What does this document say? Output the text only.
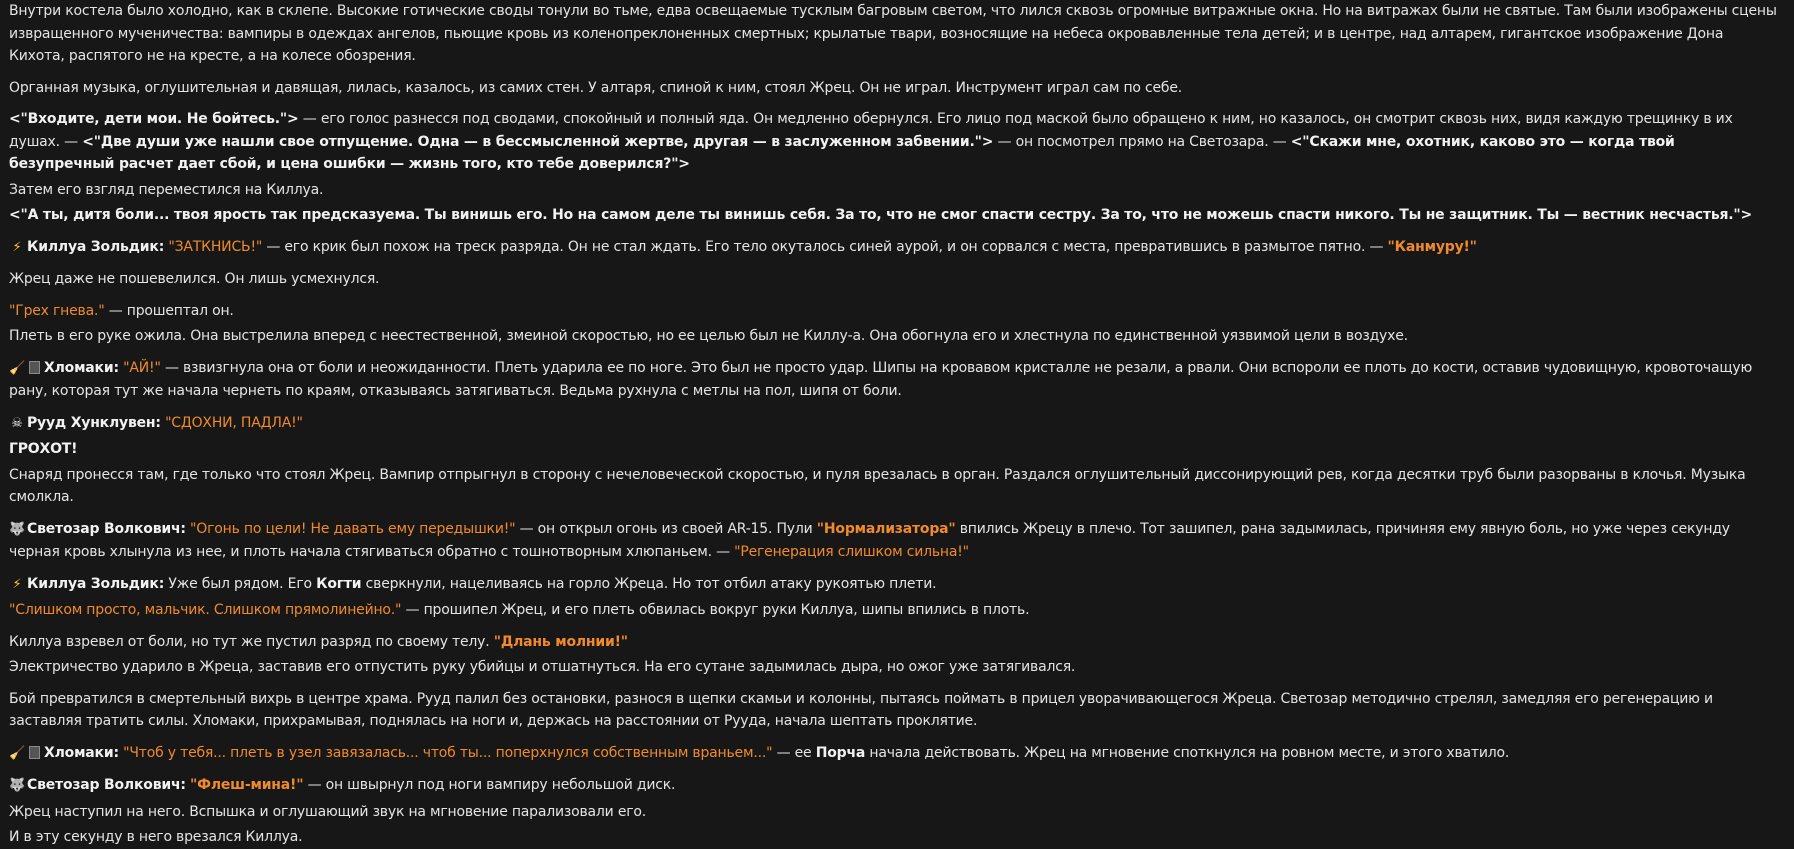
Внутри костела было холодно, как в склепе. Высокие готические своды тонули во тьме, едва освещаемые тусклым багровым светом, что лился сквозь огромные витражные окна. Но на витражах были не святые. Там были изображены сцены извращенного мученичества: вампиры в одеждах ангелов, пьющие кровь из коленопреклоненных смертных; крылатые твари, возносящие на небеса окровавленные тела детей; и в центре, над алтарем, гигантское изображение Дона Кихота, распятого не на кресте, а на колесе обозрения.
Органная музыка, оглушительная и давящая, лилась, казалось, из самих стен. У алтаря, спиной к ним, стоял Жрец. Он не играл. Инструмент играл сам по себе.
<"Входите, дети мои. Не бойтесь."> — его голос разнесся под сводами, спокойный и полный яда. Он медленно обернулся. Его лицо под маской было обращено к ним, но казалось, он смотрит сквозь них, видя каждую трещинку в их душах. — <"Две души уже нашли свое отпущение. Одна — в бессмысленной жертве, другая — в заслуженном забвении."> — он посмотрел прямо на Светозара. — <"Скажи мне, охотник, каково это — когда твой безупречный расчет дает сбой, и цена ошибки — жизнь того, кто тебе доверился?">
Затем его взгляд переместился на Киллуа.
<"А ты, дитя боли... твоя ярость так предсказуема. Ты винишь его. Но на самом деле ты винишь себя. За то, что не смог спасти сестру. За то, что не можешь спасти никого. Ты не защитник. Ты — вестник несчастья.">
⚡ Киллуа Зольдик: "ЗАТКНИСЬ!" — его крик был похож на треск разряда. Он не стал ждать. Его тело окуталось синей аурой, и он сорвался с места, превратившись в размытое пятно. — "Канмуру!"
Жрец даже не пошевелился. Он лишь усмехнулся.
"Грех гнева." — прошептал он.
Плеть в его руке ожила. Она выстрелила вперед с неестественной, змеиной скоростью, но ее целью был не Киллу-а. Она обогнула его и хлестнула по единственной уязвимой цели в воздухе.
🧹 Хломаки: "АЙ!" — взвизгнула она от боли и неожиданности. Плеть ударила ее по ноге. Это был не просто удар. Шипы на кровавом кристалле не резали, а рвали. Они вспороли ее плоть до кости, оставив чудовищную, кровоточащую рану, которая тут же начала чернеть по краям, отказываясь затягиваться. Ведьма рухнула с метлы на пол, шипя от боли.
☠ Рууд Хунклувен: "СДОХНИ, ПАДЛА!"
ГРОХОТ!
Снаряд пронесся там, где только что стоял Жрец. Вампир отпрыгнул в сторону с нечеловеческой скоростью, и пуля врезалась в орган. Раздался оглушительный диссонирующий рев, когда десятки труб были разорваны в клочья. Музыка смолкла.
🐺 Светозар Волкович: "Огонь по цели! Не давать ему передышки!" — он открыл огонь из своей AR-15. Пули "Нормализатора" впились Жрецу в плечо. Тот зашипел, рана задымилась, причиняя ему явную боль, но уже через секунду черная кровь хлынула из нее, и плоть начала стягиваться обратно с тошнотворным хлюпаньем. — "Регенерация слишком сильна!"
⚡ Киллуа Зольдик: Уже был рядом. Его Когти сверкнули, нацеливаясь на горло Жреца. Но тот отбил атаку рукоятью плети.
"Слишком просто, мальчик. Слишком прямолинейно." — прошипел Жрец, и его плеть обвилась вокруг руки Киллуа, шипы впились в плоть.
Киллуа взревел от боли, но тут же пустил разряд по своему телу. "Длань молнии!"
Электричество ударило в Жреца, заставив его отпустить руку убийцы и отшатнуться. На его сутане задымилась дыра, но ожог уже затягивался.
Бой превратился в смертельный вихрь в центре храма. Рууд палил без остановки, разнося в щепки скамьи и колонны, пытаясь поймать в прицел уворачивающегося Жреца. Светозар методично стрелял, замедляя его регенерацию и заставляя тратить силы. Хломаки, прихрамывая, поднялась на ноги и, держась на расстоянии от Рууда, начала шептать проклятие.
🧹 Хломаки: "Чтоб у тебя... плеть в узел завязалась... чтоб ты... поперхнулся собственным враньем..." — ее Порча начала действовать. Жрец на мгновение споткнулся на ровном месте, и этого хватило.
🐺 Светозар Волкович: "Флеш-мина!" — он швырнул под ноги вампиру небольшой диск.
Жрец наступил на него. Вспышка и оглушающий звук на мгновение парализовали его.
И в эту секунду в него врезался Киллуа.
